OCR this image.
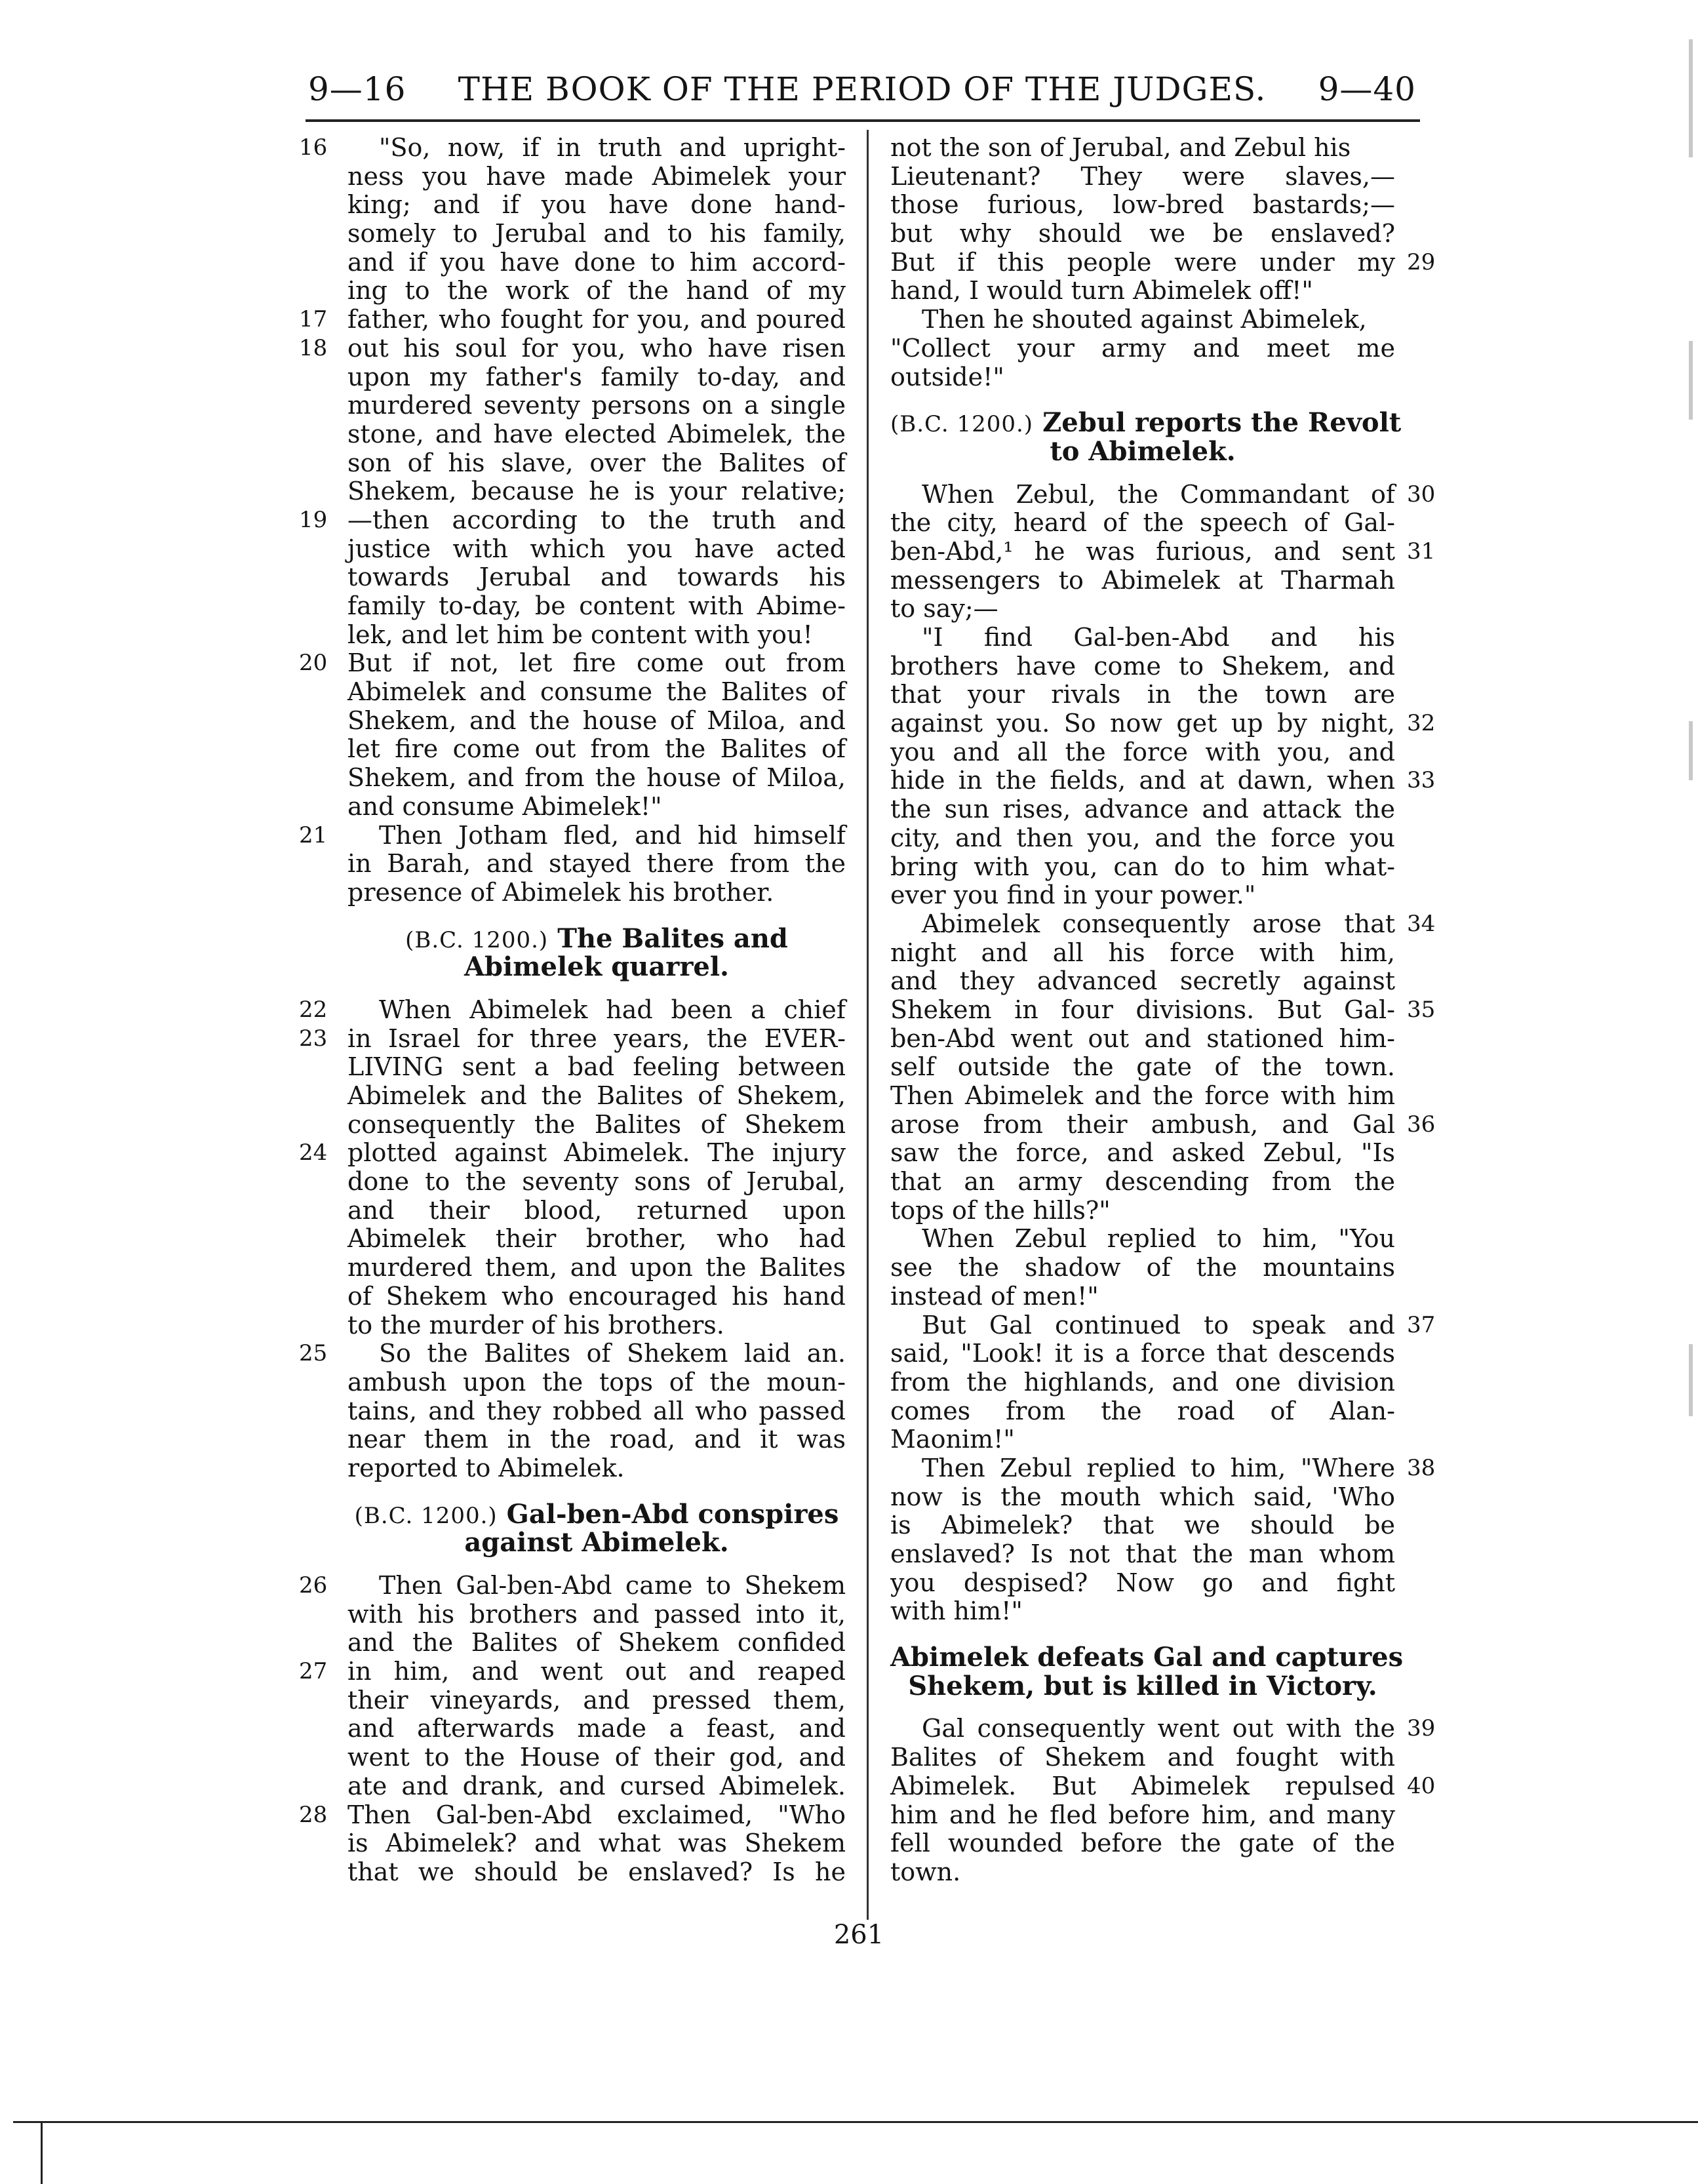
9—16 THE BOOK OF THE PERIOD OF THE JUDGES. 9—40
16 "So, now, if in truth and upright-
ness you have made Abimelek your
king; and if you have done hand-
somely to Jerubal and to his family,
and if you have done to him accord-
ing to the work of the hand of my
17 father, who fought for you, and poured
18 out his soul for you, who have risen
upon my father's family to-day, and
murdered seventy persons on a single
stone, and have elected Abimelek, the
son of his slave, over the Balites of
Shekem, because he is your relative;
19 —then according to the truth and
justice with which you have acted
towards Jerubal and towards his
family to-day, be content with Abime-
lek, and let him be content with you!
20 But if not, let fire come out from
Abimelek and consume the Balites of
Shekem, and the house of Miloa, and
let fire come out from the Balites of
Shekem, and from the house of Miloa,
and consume Abimelek!"
21 Then Jotham fled, and hid himself
in Barah, and stayed there from the
presence of Abimelek his brother.
(B.C. 1200.) The Balites and
Abimelek quarrel.
22 When Abimelek had been a chief
23 in Israel for three years, the EVER-
LIVING sent a bad feeling between
Abimelek and the Balites of Shekem,
consequently the Balites of Shekem
24 plotted against Abimelek. The injury
done to the seventy sons of Jerubal,
and their blood, returned upon
Abimelek their brother, who had
murdered them, and upon the Balites
of Shekem who encouraged his hand
to the murder of his brothers.
25 So the Balites of Shekem laid an.
ambush upon the tops of the moun-
tains, and they robbed all who passed
near them in the road, and it was
reported to Abimelek.
(B.C. 1200.) Gal-ben-Abd conspires
against Abimelek.
26 Then Gal-ben-Abd came to Shekem
with his brothers and passed into it,
and the Balites of Shekem confided
27 in him, and went out and reaped
their vineyards, and pressed them,
and afterwards made a feast, and
went to the House of their god, and
ate and drank, and cursed Abimelek.
28 Then Gal-ben-Abd exclaimed, "Who
is Abimelek? and what was Shekem
that we should be enslaved? Is he
not the son of Jerubal, and Zebul his
Lieutenant? They were slaves,—
those furious, low-bred bastards;—
but why should we be enslaved?
29
But if this people were under my
hand, I would turn Abimelek off!"
Then he shouted against Abimelek,
"Collect your army and meet me
outside!"
(B.C. 1200.) Zebul reports the Revolt
to Abimelek.
30
When Zebul, the Commandant of
the city, heard of the speech of Gal-
31
ben-Abd,¹ he was furious, and sent
messengers to Abimelek at Tharmah
to say;—
"I find Gal-ben-Abd and his
brothers have come to Shekem, and
that your rivals in the town are
32
against you. So now get up by night,
you and all the force with you, and
33
hide in the fields, and at dawn, when
the sun rises, advance and attack the
city, and then you, and the force you
bring with you, can do to him what-
ever you find in your power."
34
Abimelek consequently arose that
night and all his force with him,
and they advanced secretly against
35
Shekem in four divisions. But Gal-
ben-Abd went out and stationed him-
self outside the gate of the town.
Then Abimelek and the force with him
36
arose from their ambush, and Gal
saw the force, and asked Zebul, "Is
that an army descending from the
tops of the hills?"
When Zebul replied to him, "You
see the shadow of the mountains
instead of men!"
37
But Gal continued to speak and
said, "Look! it is a force that descends
from the highlands, and one division
comes from the road of Alan-
Maonim!"
38
Then Zebul replied to him, "Where
now is the mouth which said, 'Who
is Abimelek? that we should be
enslaved? Is not that the man whom
you despised? Now go and fight
with him!"
Abimelek defeats Gal and captures
Shekem, but is killed in Victory.
39
Gal consequently went out with the
Balites of Shekem and fought with
40
Abimelek. But Abimelek repulsed
him and he fled before him, and many
fell wounded before the gate of the
town.
261
